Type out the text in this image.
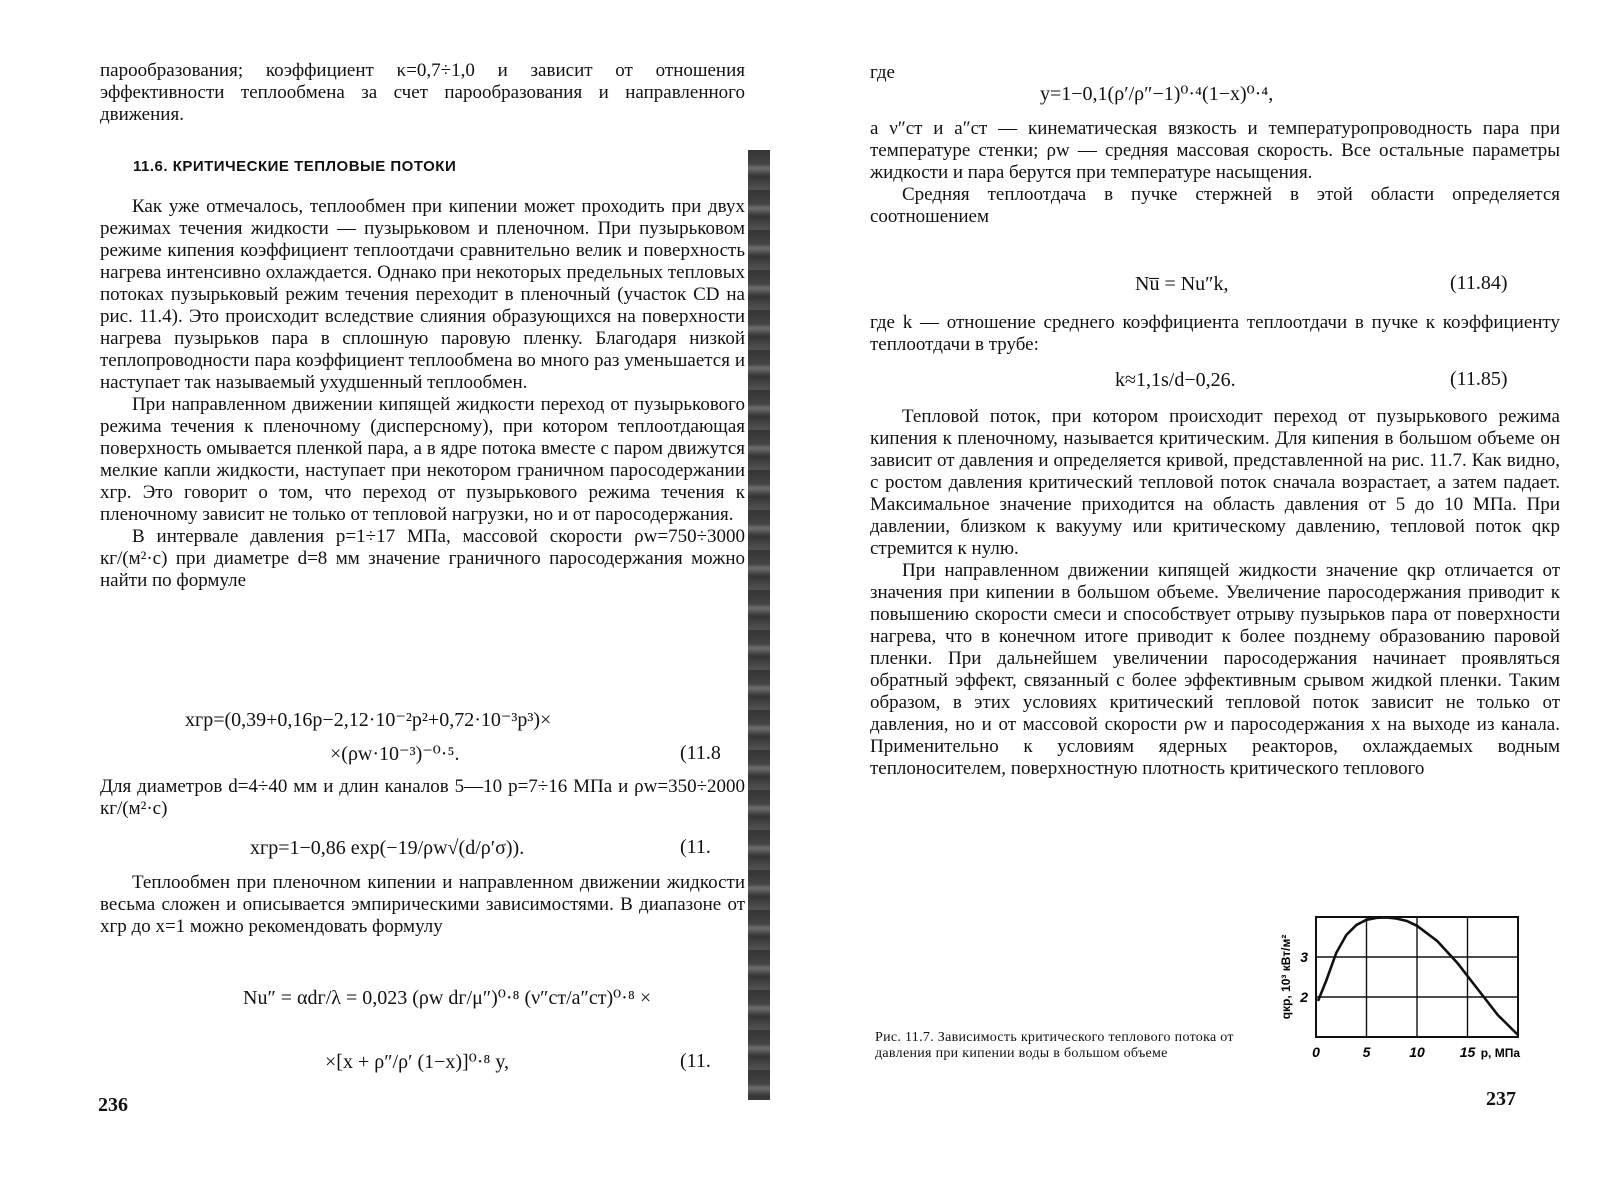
парообразования; коэффициент κ=0,7÷1,0 и зависит от отношения эффективности теплообмена за счет парообразования и направленного движения.

11.6. КРИТИЧЕСКИЕ ТЕПЛОВЫЕ ПОТОКИ

Как уже отмечалось, теплообмен при кипении может проходить при двух режимах течения жидкости — пузырьковом и пленочном. При пузырьковом режиме кипения коэффициент теплоотдачи сравнительно велик и поверхность нагрева интенсивно охлаждается. Однако при некоторых предельных тепловых потоках пузырьковый режим течения переходит в пленочный (участок CD на рис. 11.4). Это происходит вследствие слияния образующихся на поверхности нагрева пузырьков пара в сплошную паровую пленку. Благодаря низкой теплопроводности пара коэффициент теплообмена во много раз уменьшается и наступает так называемый ухудшенный теплообмен.

При направленном движении кипящей жидкости переход от пузырькового режима течения к пленочному (дисперсному), при котором теплоотдающая поверхность омывается пленкой пара, а в ядре потока вместе с паром движутся мелкие капли жидкости, наступает при некотором граничном паросодержании xгр. Это говорит о том, что переход от пузырькового режима течения к пленочному зависит не только от тепловой нагрузки, но и от паросодержания.

В интервале давления p=1÷17 МПа, массовой скорости ρw=750÷3000 кг/(м²·с) при диаметре d=8 мм значение граничного паросодержания можно найти по формуле

xгр=(0,39+0,16p−2,12·10⁻²p²+0,72·10⁻³p³)×
×(ρw·10⁻³)⁻⁰·⁵.	(11.8

Для диаметров d=4÷40 мм и длин каналов 5—10 p=7÷16 МПа и ρw=350÷2000 кг/(м²·с)

xгр=1−0,86 exp(−19/ρw√(d/ρ′σ)).	(11.

Теплообмен при пленочном кипении и направленном движении жидкости весьма сложен и описывается эмпирическими зависимостями. В диапазоне от xгр до x=1 можно рекомендовать формулу

Nu″ = αdг/λ = 0,023 (ρw dг/μ″)⁰·⁸ (ν″ст/a″ст)⁰·⁸ ×
×[x + ρ″/ρ′ (1−x)]⁰·⁸ y,	(11.
236
где
y=1−0,1(ρ′/ρ″−1)⁰·⁴(1−x)⁰·⁴,

а ν″ст и a″ст — кинематическая вязкость и температуропроводность пара при температуре стенки; ρw — средняя массовая скорость. Все остальные параметры жидкости и пара берутся при температуре насыщения.

Средняя теплоотдача в пучке стержней в этой области определяется соотношением

Nu̅ = Nu″k,	(11.84)

где k — отношение среднего коэффициента теплоотдачи в пучке к коэффициенту теплоотдачи в трубе:

k≈1,1s/d−0,26.	(11.85)

Тепловой поток, при котором происходит переход от пузырькового режима кипения к пленочному, называется критическим. Для кипения в большом объеме он зависит от давления и определяется кривой, представленной на рис. 11.7. Как видно, с ростом давления критический тепловой поток сначала возрастает, а затем падает. Максимальное значение приходится на область давления от 5 до 10 МПа. При давлении, близком к вакууму или критическому давлению, тепловой поток qкр стремится к нулю.

При направленном движении кипящей жидкости значение qкр отличается от значения при кипении в большом объеме. Увеличение паросодержания приводит к повышению скорости смеси и способствует отрыву пузырьков пара от поверхности нагрева, что в конечном итоге приводит к более позднему образованию паровой пленки. При дальнейшем увеличении паросодержания начинает проявляться обратный эффект, связанный с более эффективным срывом жидкой пленки. Таким образом, в этих условиях критический тепловой поток зависит не только от давления, но и от массовой скорости ρw и паросодержания x на выходе из канала. Применительно к условиям ядерных реакторов, охлаждаемых водным теплоносителем, поверхностную плотность критического теплового

Рис. 11.7. Зависимость критического теплового потока от давления при кипении воды в большом объеме	0	5	10 15
2
3
p, МПа
qкр, 10³ кВт/м²
237
